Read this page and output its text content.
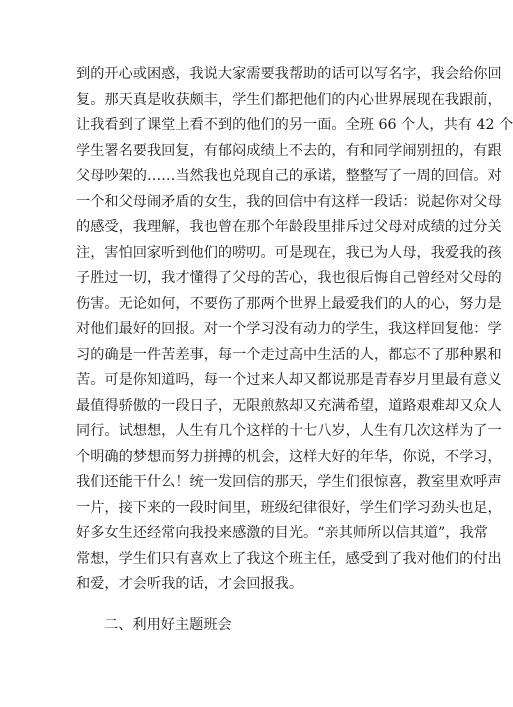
到的开心或困惑，我说大家需要我帮助的话可以写名字，我会给你回
复。那天真是收获颇丰，学生们都把他们的内心世界展现在我跟前，
让我看到了课堂上看不到的他们的另一面。全班 66 个人，共有 42 个
学生署名要我回复，有郁闷成绩上不去的，有和同学闹别扭的，有跟
父母吵架的……当然我也兑现自己的承诺，整整写了一周的回信。对
一个和父母闹矛盾的女生，我的回信中有这样一段话：说起你对父母
的感受，我理解，我也曾在那个年龄段里排斥过父母对成绩的过分关
注，害怕回家听到他们的唠叨。可是现在，我已为人母，我爱我的孩
子胜过一切，我才懂得了父母的苦心，我也很后悔自己曾经对父母的
伤害。无论如何，不要伤了那两个世界上最爱我们的人的心，努力是
对他们最好的回报。对一个学习没有动力的学生，我这样回复他：学
习的确是一件苦差事，每一个走过高中生活的人，都忘不了那种累和
苦。可是你知道吗，每一个过来人却又都说那是青春岁月里最有意义
最值得骄傲的一段日子，无限煎熬却又充满希望，道路艰难却又众人
同行。试想想，人生有几个这样的十七八岁，人生有几次这样为了一
个明确的梦想而努力拼搏的机会，这样大好的年华，你说，不学习，
我们还能干什么！统一发回信的那天，学生们很惊喜，教室里欢呼声
一片，接下来的一段时间里，班级纪律很好，学生们学习劲头也足，
好多女生还经常向我投来感激的目光。“亲其师所以信其道”，我常
常想，学生们只有喜欢上了我这个班主任，感受到了我对他们的付出
和爱，才会听我的话，才会回报我。
二、利用好主题班会
